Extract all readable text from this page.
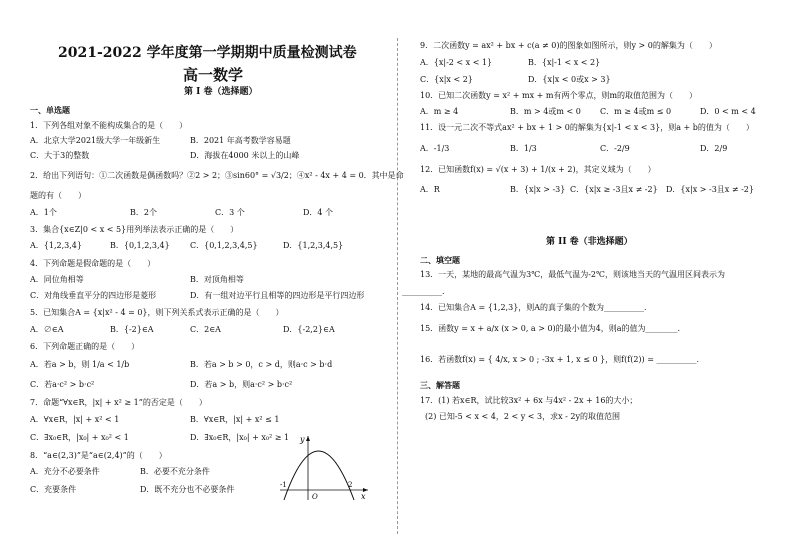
2021-2022 学年度第一学期期中质量检测试卷
高一数学
第 I 卷（选择题）
一、单选题
1．下列各组对象不能构成集合的是（　　）
A．北京大学2021级大学一年级新生	B．2021 年高考数学容易题
C．大于3的整数	D．海拔在4000 米以上的山峰
2．给出下列语句：①二次函数是偶函数吗？②2 > 2；③sin60° = √3/2；④x² - 4x + 4 = 0．其中是命
题的有（　　）
A．1个	B．2个	C．3 个	D．4 个
3．集合{x∈Z|0 < x < 5}用列举法表示正确的是（　　）
A．{1,2,3,4}	B．{0,1,2,3,4}	C．{0,1,2,3,4,5}	D．{1,2,3,4,5}
4．下列命题是假命题的是（　　）
A．同位角相等	B．对顶角相等
C．对角线垂直平分的四边形是菱形	D．有一组对边平行且相等的四边形是平行四边形
5．已知集合A = {x|x² - 4 = 0}，则下列关系式表示正确的是（　　）
A．∅∈A	B．{-2}∈A	C．2∈A	D．{-2,2}∈A
6．下列命题正确的是（　　）
A．若a > b，则 1/a < 1/b	B．若a > b > 0，c > d，则a·c > b·d
C．若a·c² > b·c²	D．若a > b，则a·c² > b·c²
7．命题“∀x∈R，|x| + x² ≥ 1”的否定是（　　）
A．∀x∈R，|x| + x² < 1	B．∀x∈R，|x| + x² ≤ 1
C．∃x₀∈R，|x₀| + x₀² < 1	D．∃x₀∈R，|x₀| + x₀² ≥ 1
8．“a∈(2,3)”是“a∈(2,4)”的（　　）
A．充分不必要条件	B．必要不充分条件
C．充要条件	D．既不充分也不必要条件
y
x
O
-1	2
9．二次函数y = ax² + bx + c(a ≠ 0)的图象如图所示，则y > 0的解集为（　　）
A．{x|-2 < x < 1}	B．{x|-1 < x < 2}
C．{x|x < 2}	D．{x|x < 0或x > 3}
10．已知二次函数y = x² + mx + m有两个零点，则m的取值范围为（　　）
A．m ≥ 4	B．m > 4或m < 0 C．m ≥ 4或m ≤ 0	D．0 < m < 4
11．设一元二次不等式ax² + bx + 1 > 0的解集为{x|-1 < x < 3}，则a + b的值为（　　）
A．-1/3	B．1/3	C．-2/9	D．2/9
12．已知函数f(x) = √(x + 3) + 1/(x + 2)，其定义域为（　　）
A．R	B．{x|x > -3} C．{x|x ≥ -3且x ≠ -2} D．{x|x > -3且x ≠ -2}
第 II 卷（非选择题）
二、填空题
13．一天，某地的最高气温为3℃，最低气温为-2℃，则该地当天的气温用区间表示为
__________.
14．已知集合A = {1,2,3}，则A的真子集的个数为__________.
15．函数y = x + a/x (x > 0, a > 0)的最小值为4，则a的值为________.
16．若函数f(x) = { 4/x, x > 0 ; -3x + 1, x ≤ 0 }，则f(f(2)) = __________.
三、解答题
17．(1) 若x∈R，试比较3x² + 6x 与4x² - 2x + 16的大小；
(2) 已知-5 < x < 4，2 < y < 3，求x - 2y的取值范围
